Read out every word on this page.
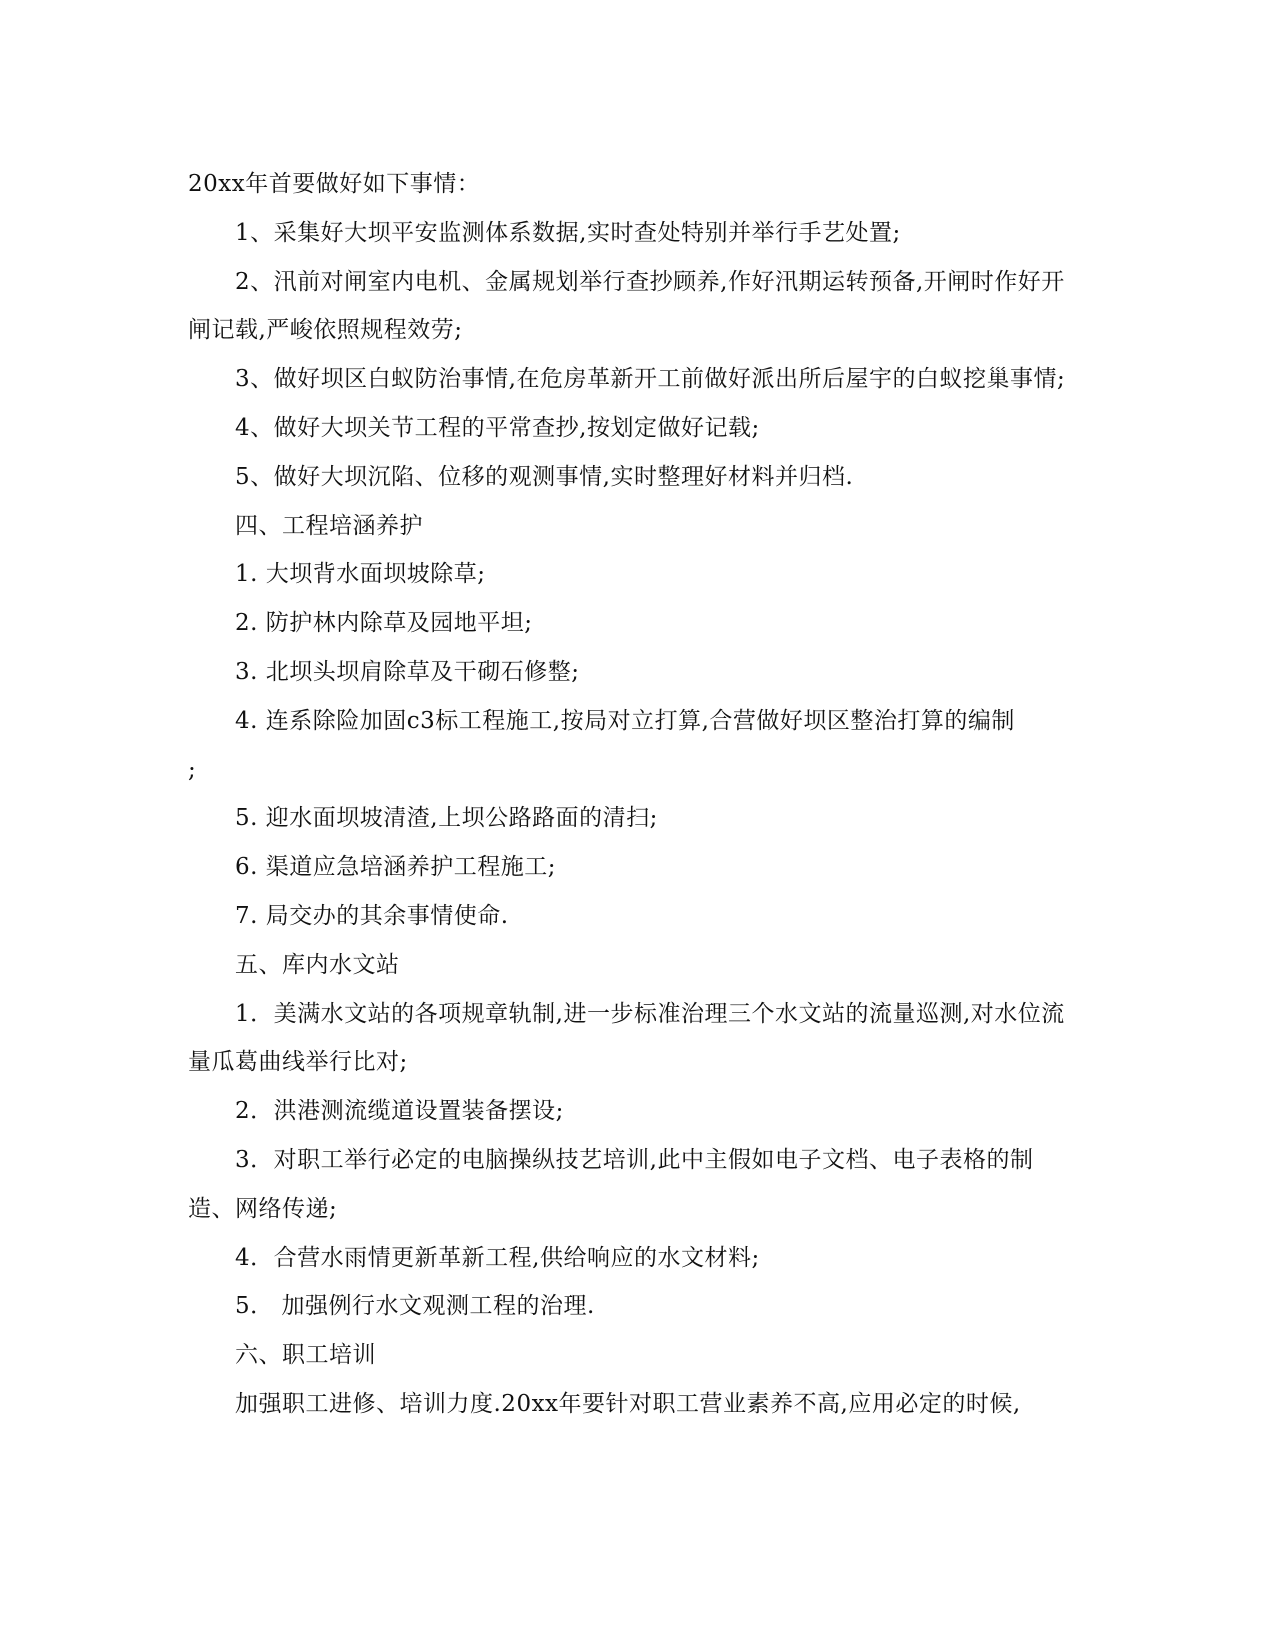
20xx年首要做好如下事情：

1、采集好大坝平安监测体系数据,实时查处特别并举行手艺处置;

2、汛前对闸室内电机、金属规划举行查抄顾养,作好汛期运转预备,开闸时作好开闸记载,严峻依照规程效劳;

3、做好坝区白蚁防治事情,在危房革新开工前做好派出所后屋宇的白蚁挖巢事情;

4、做好大坝关节工程的平常查抄,按划定做好记载;

5、做好大坝沉陷、位移的观测事情,实时整理好材料并归档.

四、工程培涵养护

1. 大坝背水面坝坡除草;

2. 防护林内除草及园地平坦;

3. 北坝头坝肩除草及干砌石修整;

4. 连系除险加固c3标工程施工,按局对立打算,合营做好坝区整治打算的编制

;

5. 迎水面坝坡清渣,上坝公路路面的清扫;

6. 渠道应急培涵养护工程施工;

7. 局交办的其余事情使命.

五、库内水文站

1．美满水文站的各项规章轨制,进一步标准治理三个水文站的流量巡测,对水位流量瓜葛曲线举行比对;

2．洪港测流缆道设置装备摆设;

3．对职工举行必定的电脑操纵技艺培训,此中主假如电子文档、电子表格的制造、网络传递;

4．合营水雨情更新革新工程,供给响应的水文材料;

5． 加强例行水文观测工程的治理.

六、职工培训

加强职工进修、培训力度.20xx年要针对职工营业素养不高,应用必定的时候,
